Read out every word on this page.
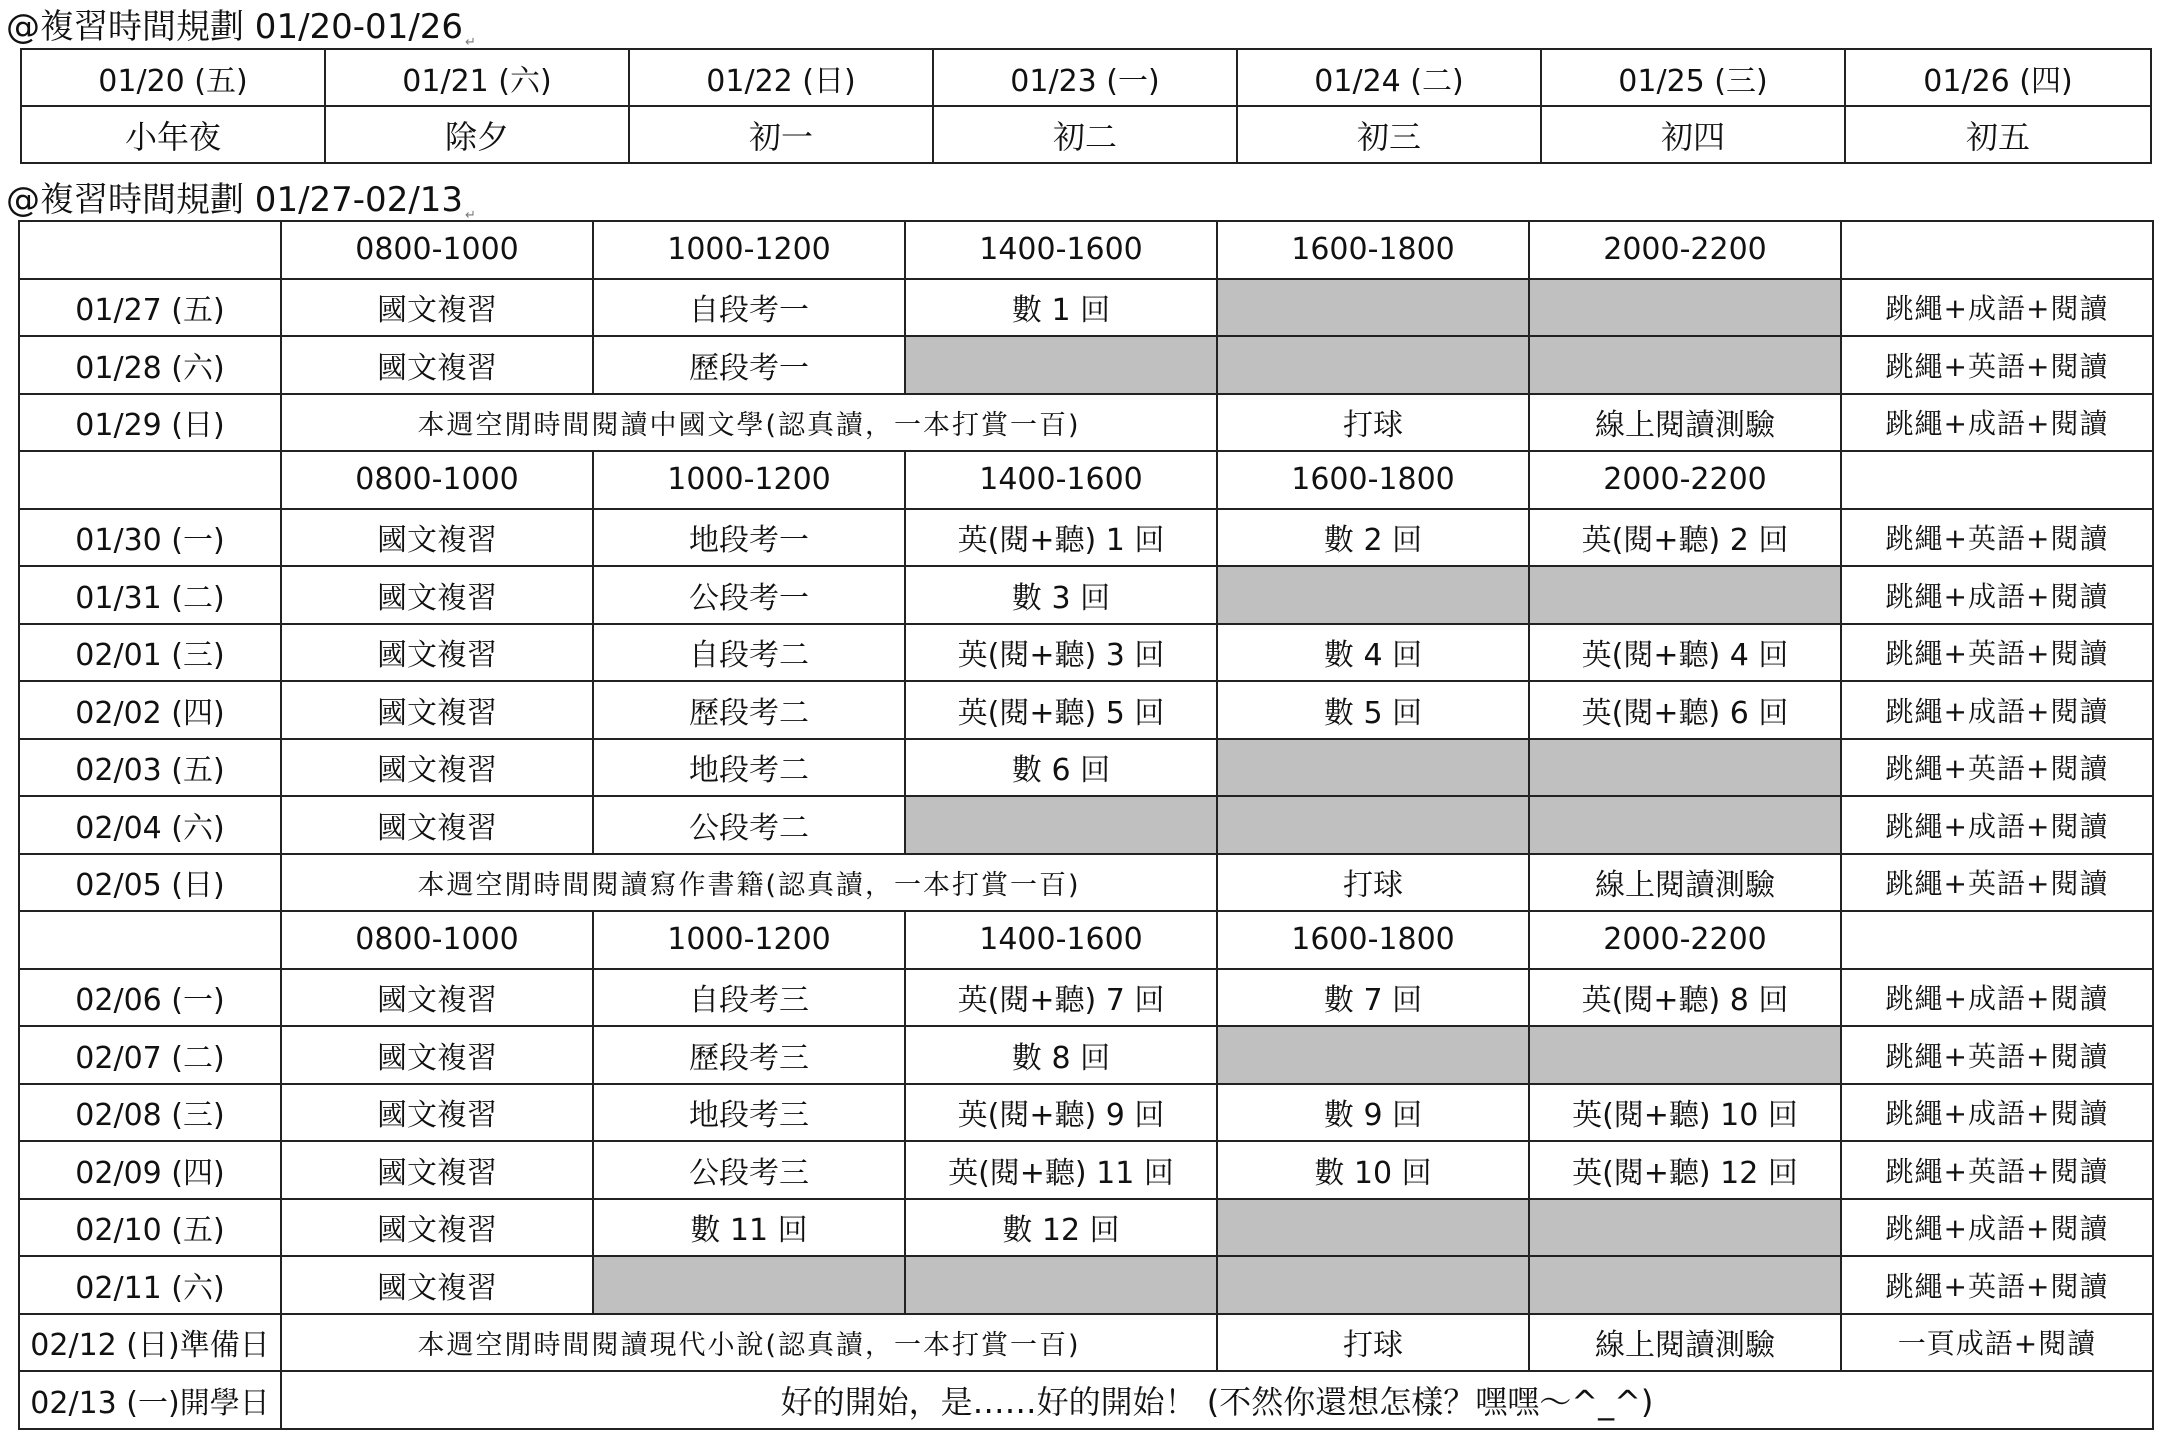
@複習時間規劃 01/20-01/26 $_↵$
01/20 (五)	01/21 (六)	01/22 (日)	01/23 (一)	01/24 (二)	01/25 (三)	01/26 (四)
小年夜	除夕	初一	初二	初三	初四	初五
@複習時間規劃 01/27-02/13 $_↵$
	0800-1000	1000-1200	1400-1600	1600-1800	2000-2200	
01/27 (五)	國文複習	自段考一	數 1 回			跳繩+成語+閱讀
01/28 (六)	國文複習	歷段考一				跳繩+英語+閱讀
01/29 (日)	本週空閒時間閱讀中國文學(認真讀，一本打賞一百)			打球	線上閱讀測驗	跳繩+成語+閱讀
	0800-1000	1000-1200	1400-1600	1600-1800	2000-2200	
01/30 (一)	國文複習	地段考一	英(閱+聽) 1 回	數 2 回	英(閱+聽) 2 回	跳繩+英語+閱讀
01/31 (二)	國文複習	公段考一	數 3 回			跳繩+成語+閱讀
02/01 (三)	國文複習	自段考二	英(閱+聽) 3 回	數 4 回	英(閱+聽) 4 回	跳繩+英語+閱讀
02/02 (四)	國文複習	歷段考二	英(閱+聽) 5 回	數 5 回	英(閱+聽) 6 回	跳繩+成語+閱讀
02/03 (五)	國文複習	地段考二	數 6 回			跳繩+英語+閱讀
02/04 (六)	國文複習	公段考二				跳繩+成語+閱讀
02/05 (日)	本週空閒時間閱讀寫作書籍(認真讀，一本打賞一百)			打球	線上閱讀測驗	跳繩+英語+閱讀
	0800-1000	1000-1200	1400-1600	1600-1800	2000-2200	
02/06 (一)	國文複習	自段考三	英(閱+聽) 7 回	數 7 回	英(閱+聽) 8 回	跳繩+成語+閱讀
02/07 (二)	國文複習	歷段考三	數 8 回			跳繩+英語+閱讀
02/08 (三)	國文複習	地段考三	英(閱+聽) 9 回	數 9 回	英(閱+聽) 10 回	跳繩+成語+閱讀
02/09 (四)	國文複習	公段考三	英(閱+聽) 11 回	數 10 回	英(閱+聽) 12 回	跳繩+英語+閱讀
02/10 (五)	國文複習	數 11 回	數 12 回			跳繩+成語+閱讀
02/11 (六)	國文複習					跳繩+英語+閱讀
02/12 (日)準備日	本週空閒時間閱讀現代小說(認真讀，一本打賞一百)			打球	線上閱讀測驗	一頁成語+閱讀
02/13 (一)開學日	好的開始，是……好的開始！ (不然你還想怎樣？嘿嘿～^_^)					
